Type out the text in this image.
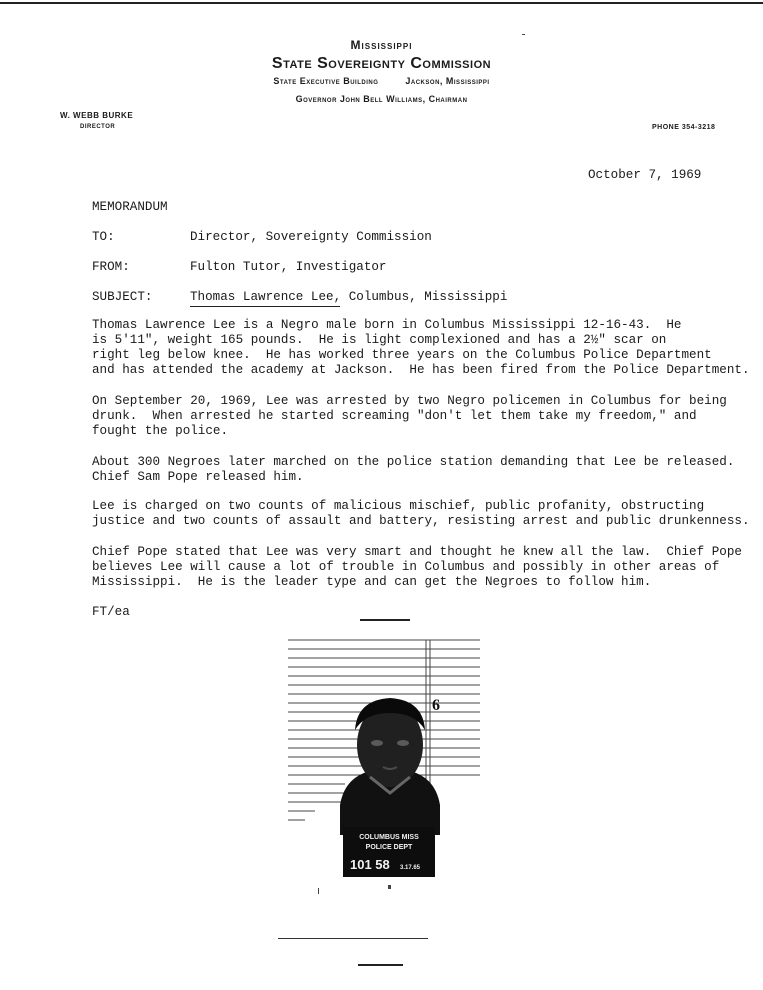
Mississippi
State Sovereignty Commission
State Executive Building	Jackson, Mississippi
Governor John Bell Williams, Chairman
W. WEBB BURKE
DIRECTOR	PHONE 354-3218
October 7, 1969
MEMORANDUM
TO:	Director, Sovereignty Commission
FROM:	Fulton Tutor, Investigator
SUBJECT:	Thomas Lawrence Lee, Columbus, Mississippi

Thomas Lawrence Lee is a Negro male born in Columbus Mississippi 12-16-43.  He
is 5'11", weight 165 pounds.  He is light complexioned and has a 2½" scar on
right leg below knee.  He has worked three years on the Columbus Police Department
and has attended the academy at Jackson.  He has been fired from the Police Department.

On September 20, 1969, Lee was arrested by two Negro policemen in Columbus for being
drunk.  When arrested he started screaming "don't let them take my freedom," and
fought the police.

About 300 Negroes later marched on the police station demanding that Lee be released.
Chief Sam Pope released him.

Lee is charged on two counts of malicious mischief, public profanity, obstructing
justice and two counts of assault and battery, resisting arrest and public drunkenness.

Chief Pope stated that Lee was very smart and thought he knew all the law.  Chief Pope
believes Lee will cause a lot of trouble in Columbus and possibly in other areas of
Mississippi.  He is the leader type and can get the Negroes to follow him.

FT/ea
6
COLUMBUS MISS
POLICE DEPT
101 58 3.17.65
